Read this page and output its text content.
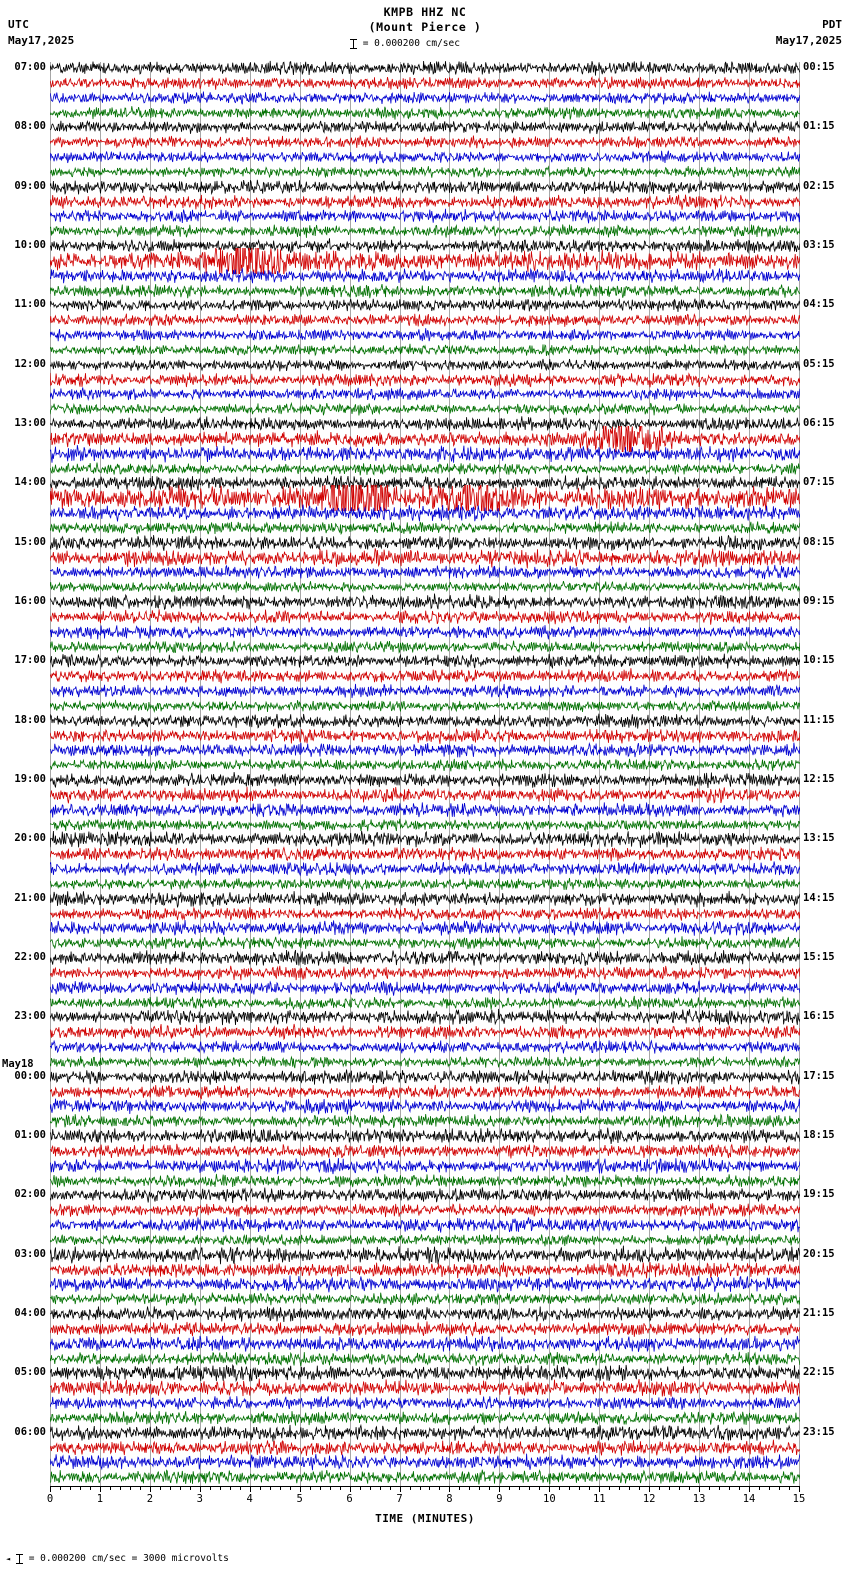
UTC
May17,2025
KMPB HHZ NC
(Mount Pierce )	PDT
May17,2025
= 0.000200 cm/sec
07:00	00:15
08:00	01:15
09:00	02:15
10:00	03:15
11:00	04:15
12:00	05:15
13:00	06:15
14:00	07:15
15:00	08:15
16:00	09:15
17:00	10:15
18:00	11:15
19:00	12:15
20:00	13:15
21:00	14:15
22:00	15:15
23:00	16:15
00:00	17:15
01:00	18:15
02:00	19:15
03:00	20:15
04:00	21:15
05:00	22:15
06:00	23:15
May18
0	1	2	3	4	5	6	7	8	9	10	11	12	13	14	15
TIME (MINUTES)
◄ = 0.000200 cm/sec = 3000 microvolts
